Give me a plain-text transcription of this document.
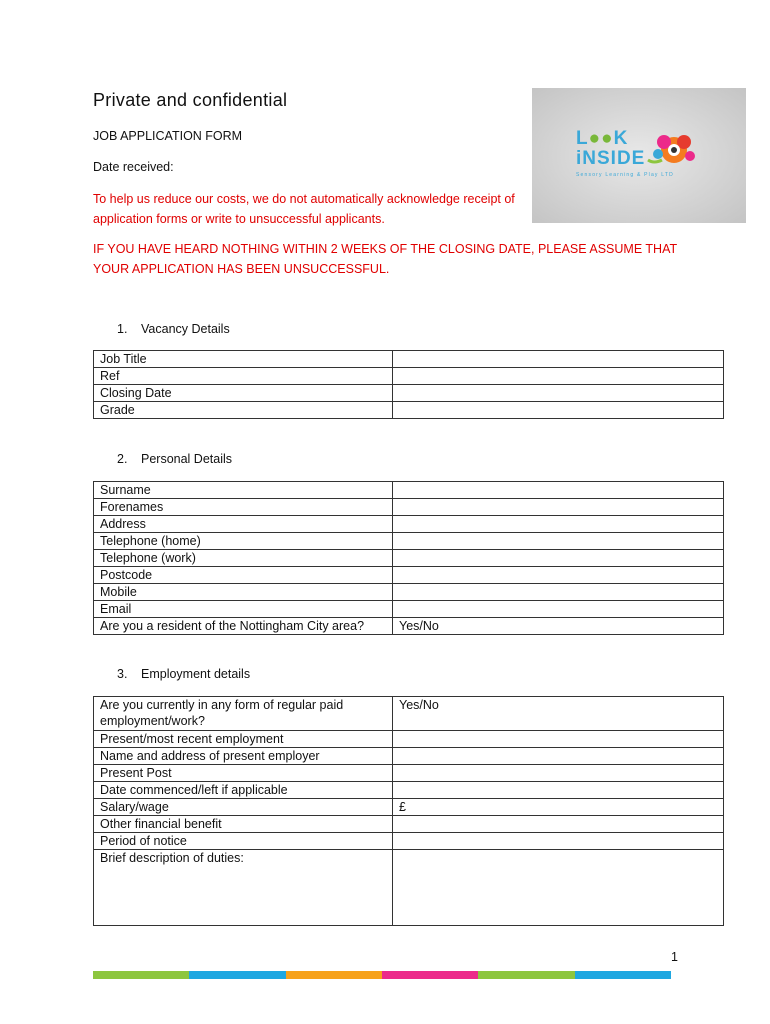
Private and confidential
JOB APPLICATION FORM
Date received:
To help us reduce our costs, we do not automatically acknowledge receipt of application forms or write to unsuccessful applicants.
IF YOU HAVE HEARD NOTHING WITHIN 2 WEEKS OF THE CLOSING DATE, PLEASE ASSUME THAT YOUR APPLICATION HAS BEEN UNSUCCESSFUL.
L●●K
iNSIDE
Sensory Learning & Play LTD
1. Vacancy Details
Job Title	
Ref	
Closing Date	
Grade	
2. Personal Details
Surname	
Forenames	
Address	
Telephone (home)	
Telephone (work)	
Postcode	
Mobile	
Email	
Are you a resident of the Nottingham City area?	Yes/No
3. Employment details
Are you currently in any form of regular paid employment/work?	Yes/No
Present/most recent employment	
Name and address of present employer	
Present Post	
Date commenced/left if applicable	
Salary/wage	£
Other financial benefit	
Period of notice	
Brief description of duties:	
1
